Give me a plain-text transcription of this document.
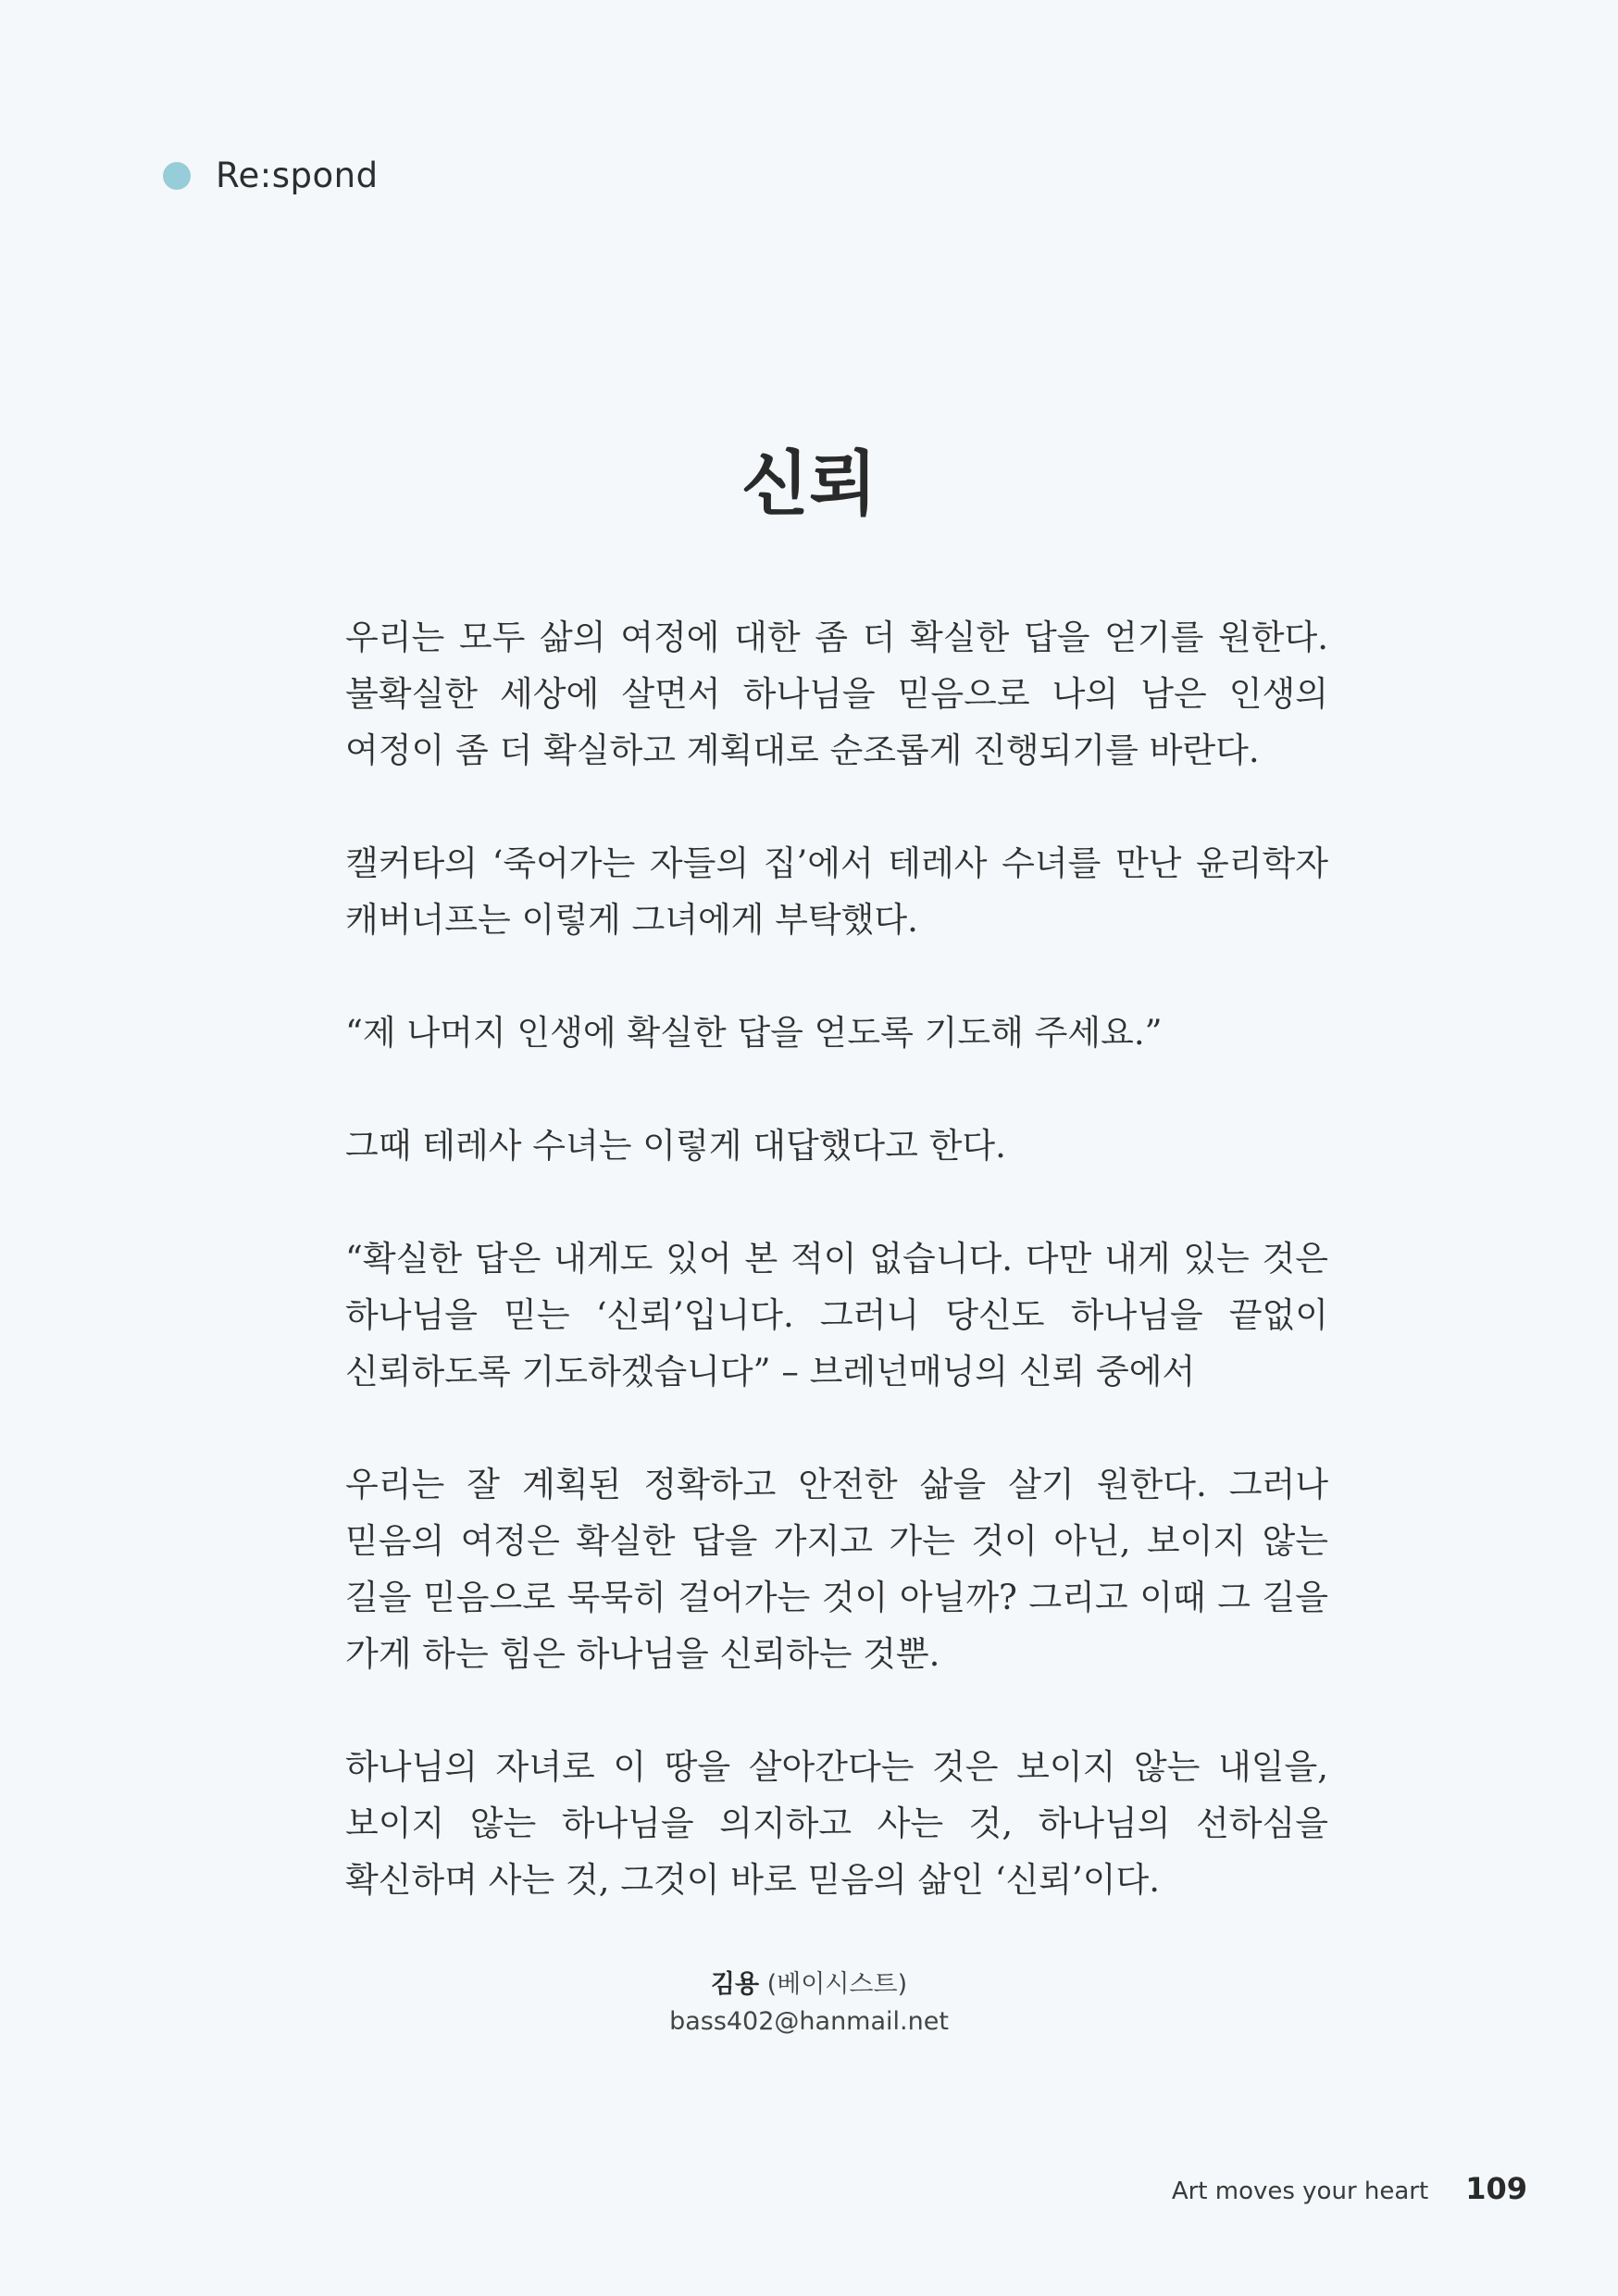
Re:spond
신뢰

우리는 모두 삶의 여정에 대한 좀 더 확실한 답을 얻기를 원한다. 불확실한 세상에 살면서 하나님을 믿음으로 나의 남은 인생의 여정이 좀 더 확실하고 계획대로 순조롭게 진행되기를 바란다.

캘커타의 ‘죽어가는 자들의 집’에서 테레사 수녀를 만난 윤리학자 캐버너프는 이렇게 그녀에게 부탁했다.

“제 나머지 인생에 확실한 답을 얻도록 기도해 주세요.”

그때 테레사 수녀는 이렇게 대답했다고 한다.

“확실한 답은 내게도 있어 본 적이 없습니다. 다만 내게 있는 것은 하나님을 믿는 ‘신뢰’입니다. 그러니 당신도 하나님을 끝없이 신뢰하도록 기도하겠습니다” – 브레넌매닝의 신뢰 중에서

우리는 잘 계획된 정확하고 안전한 삶을 살기 원한다. 그러나 믿음의 여정은 확실한 답을 가지고 가는 것이 아닌, 보이지 않는 길을 믿음으로 묵묵히 걸어가는 것이 아닐까? 그리고 이때 그 길을 가게 하는 힘은 하나님을 신뢰하는 것뿐.

하나님의 자녀로 이 땅을 살아간다는 것은 보이지 않는 내일을, 보이지 않는 하나님을 의지하고 사는 것, 하나님의 선하심을 확신하며 사는 것, 그것이 바로 믿음의 삶인 ‘신뢰’이다.

김용 (베이시스트)
bass402@hanmail.net
Art moves your heart 109
